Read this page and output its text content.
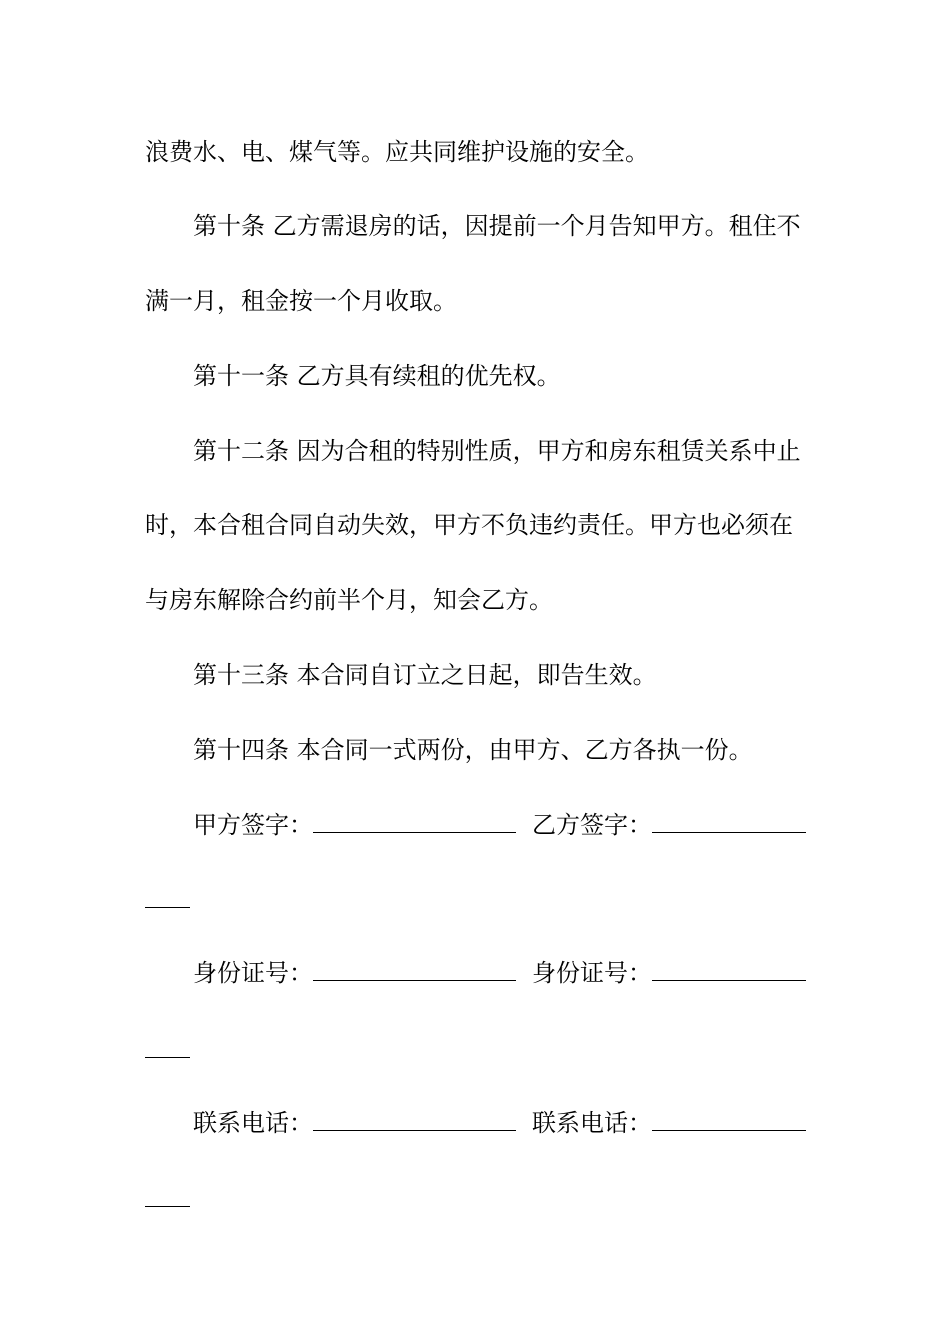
浪费水、电、煤气等。应共同维护设施的安全。
第十条 乙方需退房的话，因提前一个月告知甲方。租住不
满一月，租金按一个月收取。
第十一条 乙方具有续租的优先权。
第十二条 因为合租的特别性质，甲方和房东租赁关系中止
时，本合租合同自动失效，甲方不负违约责任。甲方也必须在
与房东解除合约前半个月，知会乙方。
第十三条 本合同自订立之日起，即告生效。
第十四条 本合同一式两份，由甲方、乙方各执一份。
甲方签字：	乙方签字：
身份证号：	身份证号：
联系电话：	联系电话：
